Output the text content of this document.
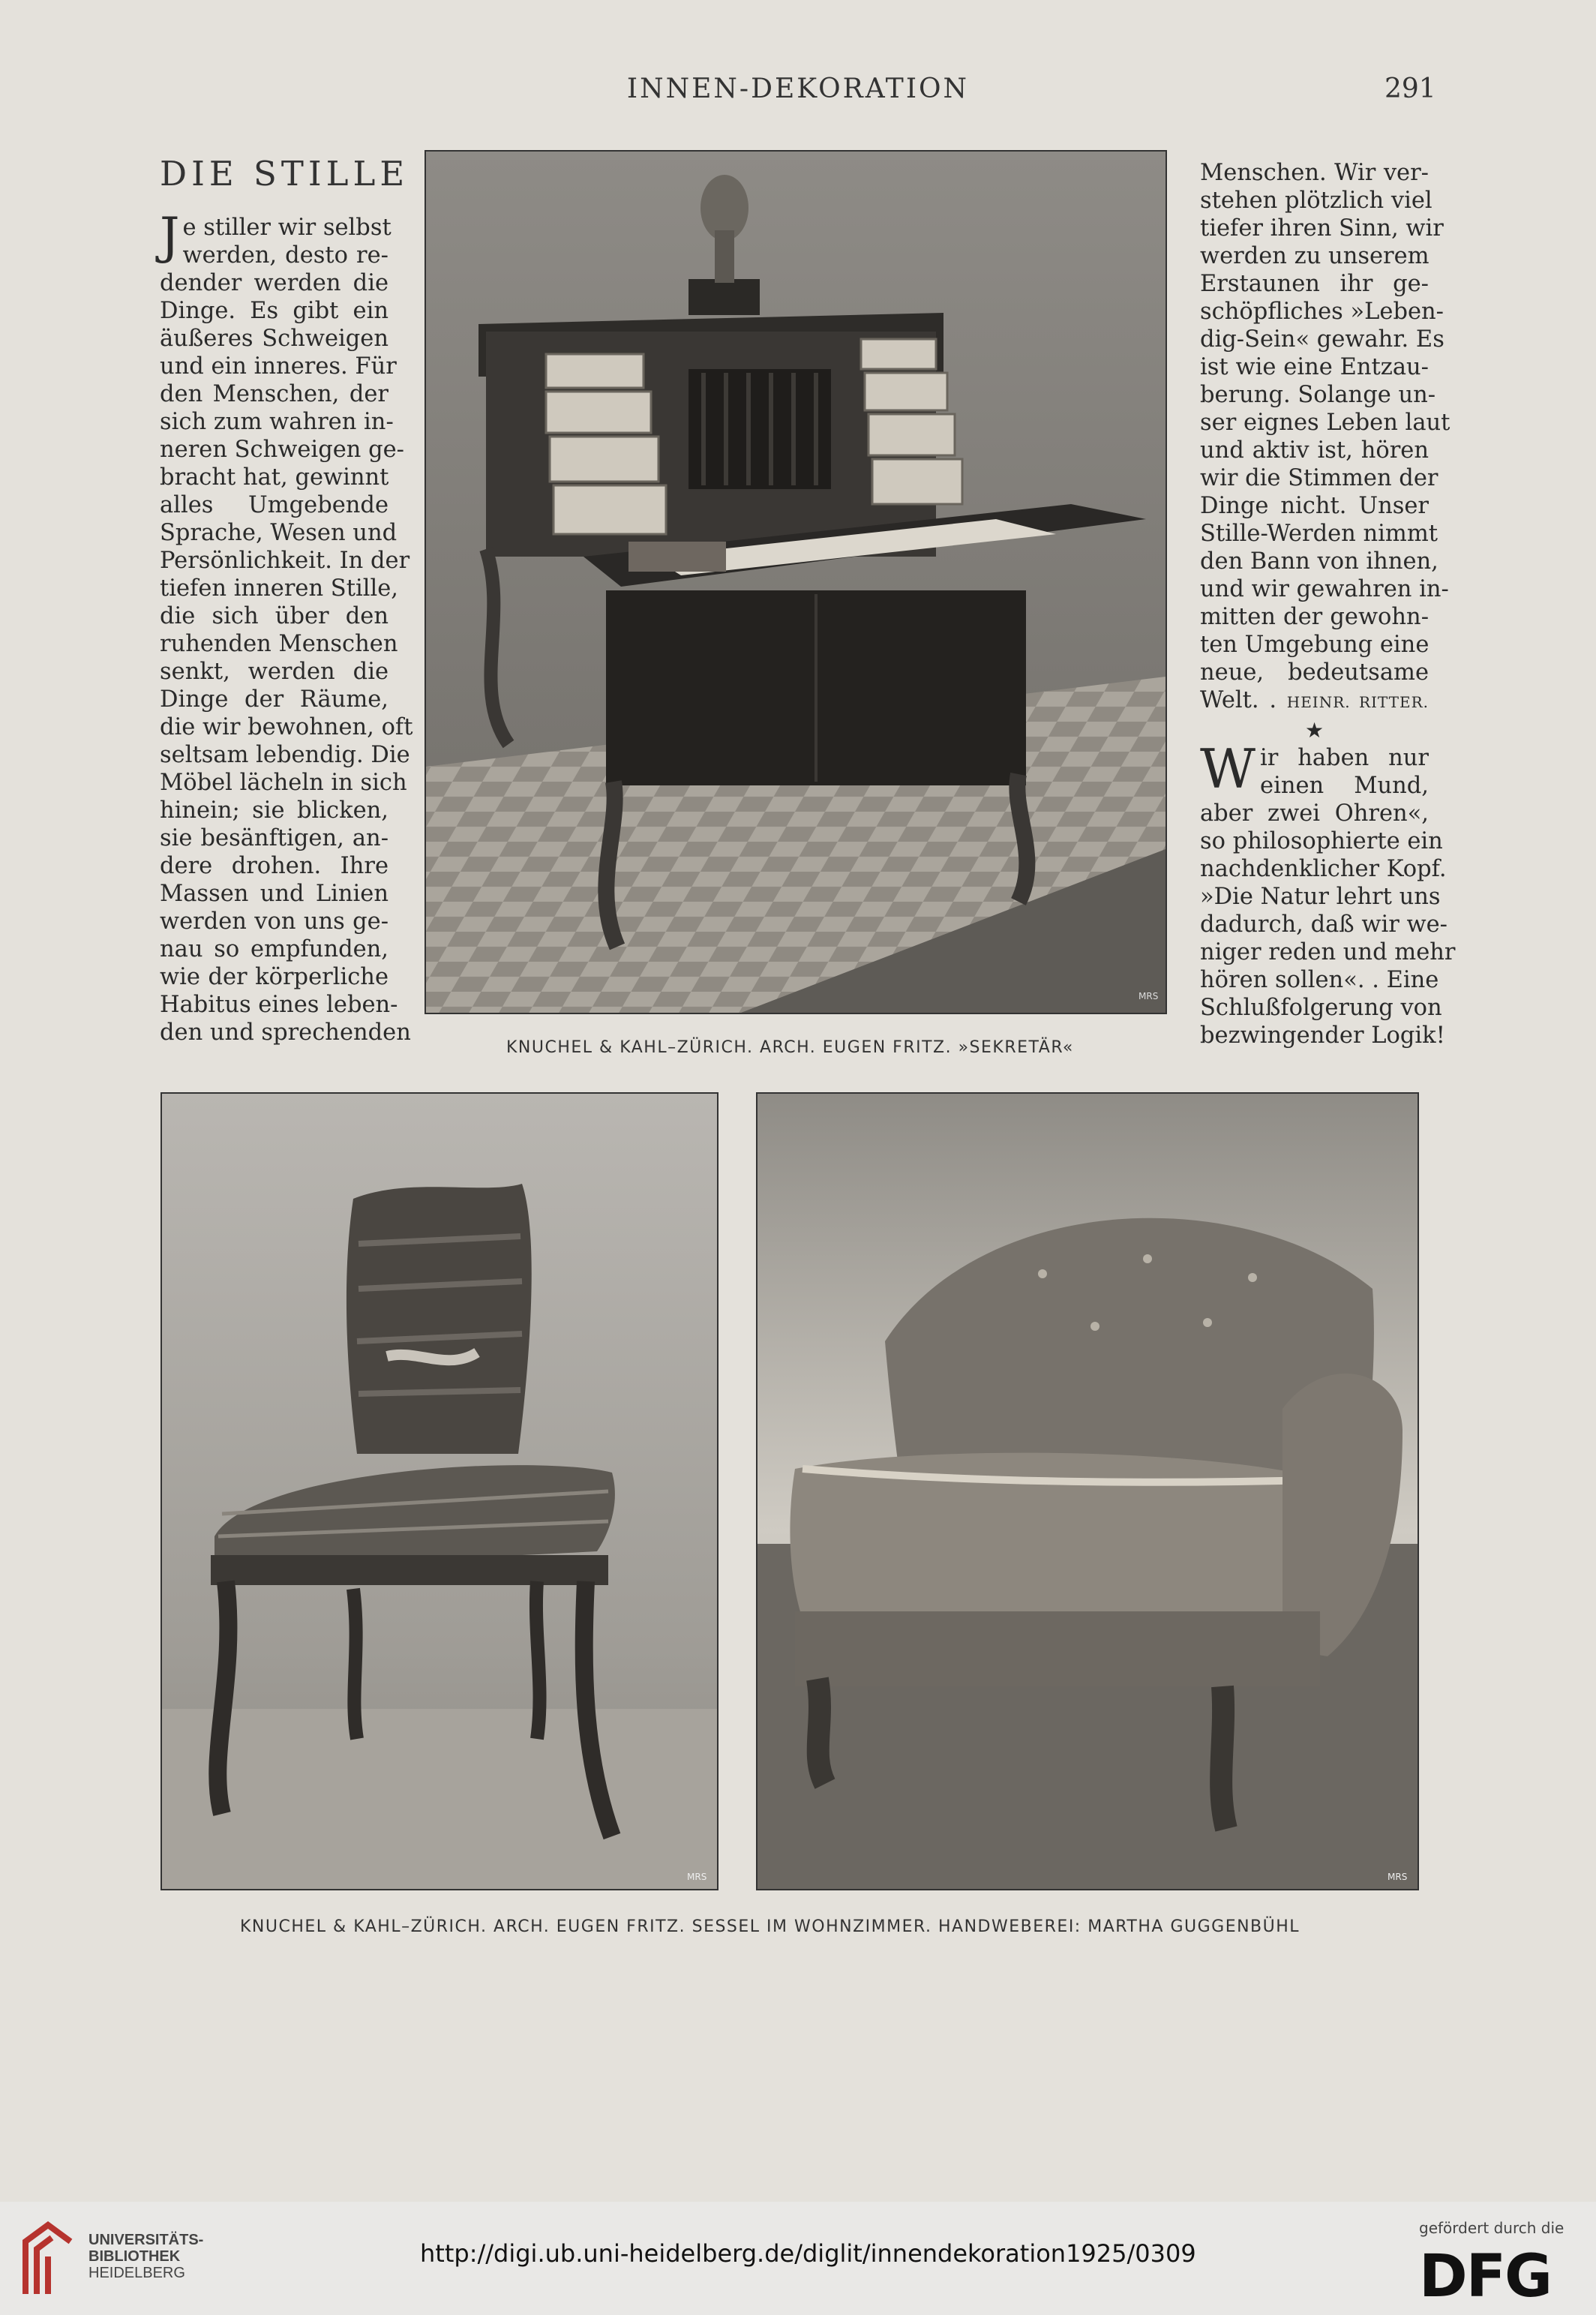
INNEN-DEKORATION	291
DIE STILLE
J e stiller wir selbst
werden, desto re-
dender werden die
Dinge. Es gibt ein
äußeres Schweigen
und ein inneres. Für
den Menschen, der
sich zum wahren in-
neren Schweigen ge-
bracht hat, gewinnt
alles Umgebende
Sprache, Wesen und
Persönlichkeit. In der
tiefen inneren Stille,
die sich über den
ruhenden Menschen
senkt, werden die
Dinge der Räume,
die wir bewohnen, oft
seltsam lebendig. Die
Möbel lächeln in sich
hinein; sie blicken,
sie besänftigen, an-
dere drohen. Ihre
Massen und Linien
werden von uns ge-
nau so empfunden,
wie der körperliche
Habitus eines leben-
den und sprechenden
MRS
Menschen. Wir ver-
stehen plötzlich viel
tiefer ihren Sinn, wir
werden zu unserem
Erstaunen ihr ge-
schöpfliches »Leben-
dig-Sein« gewahr. Es
ist wie eine Entzau-
berung. Solange un-
ser eignes Leben laut
und aktiv ist, hören
wir die Stimmen der
Dinge nicht. Unser
Stille-Werden nimmt
den Bann von ihnen,
und wir gewahren in-
mitten der gewohn-
ten Umgebung eine
neue, bedeutsame
Welt. . HEINR. RITTER.
★
W ir haben nur
einen Mund,
aber zwei Ohren«,
so philosophierte ein
nachdenklicher Kopf.
»Die Natur lehrt uns
dadurch, daß wir we-
niger reden und mehr
hören sollen«. . Eine
Schlußfolgerung von
bezwingender Logik!
KNUCHEL & KAHL–ZÜRICH. ARCH. EUGEN FRITZ. »SEKRETÄR«
MRS	MRS
KNUCHEL & KAHL–ZÜRICH. ARCH. EUGEN FRITZ. SESSEL IM WOHNZIMMER. HANDWEBEREI: MARTHA GUGGENBÜHL
UNIVERSITÄTS-
BIBLIOTHEK
HEIDELBERG
http://digi.ub.uni-heidelberg.de/diglit/innendekoration1925/0309
gefördert durch die
DFG
